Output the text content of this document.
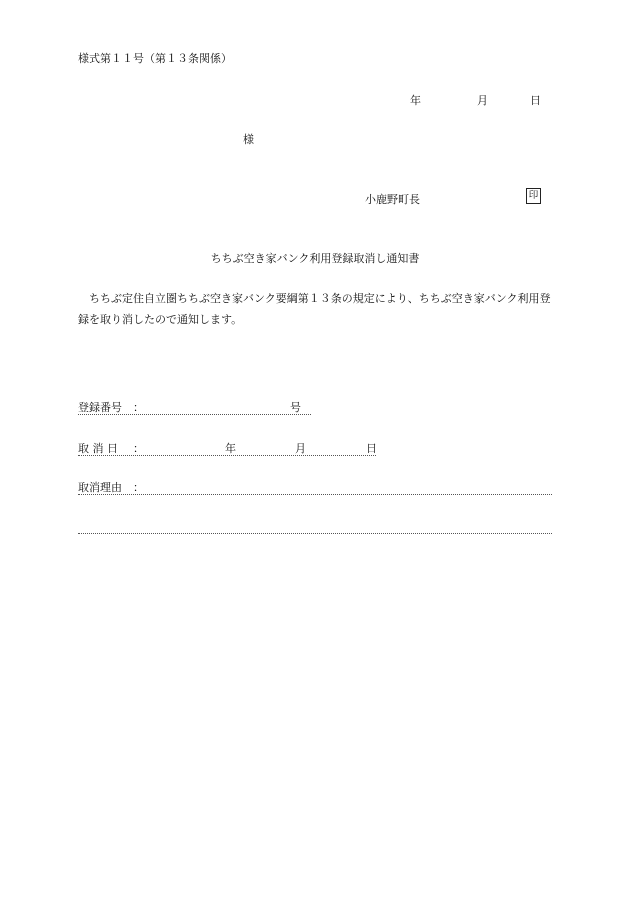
様式第１１号（第１３条関係）
年	月	日
様
小鹿野町長	印
ちちぶ空き家バンク利用登録取消し通知書
ちちぶ定住自立圏ちちぶ空き家バンク要綱第１３条の規定により、ちちぶ空き家バンク利用登録を取り消したので通知します。
登録番号 ：	号
取 消 日 ：	年	月	日
取消理由 ：
